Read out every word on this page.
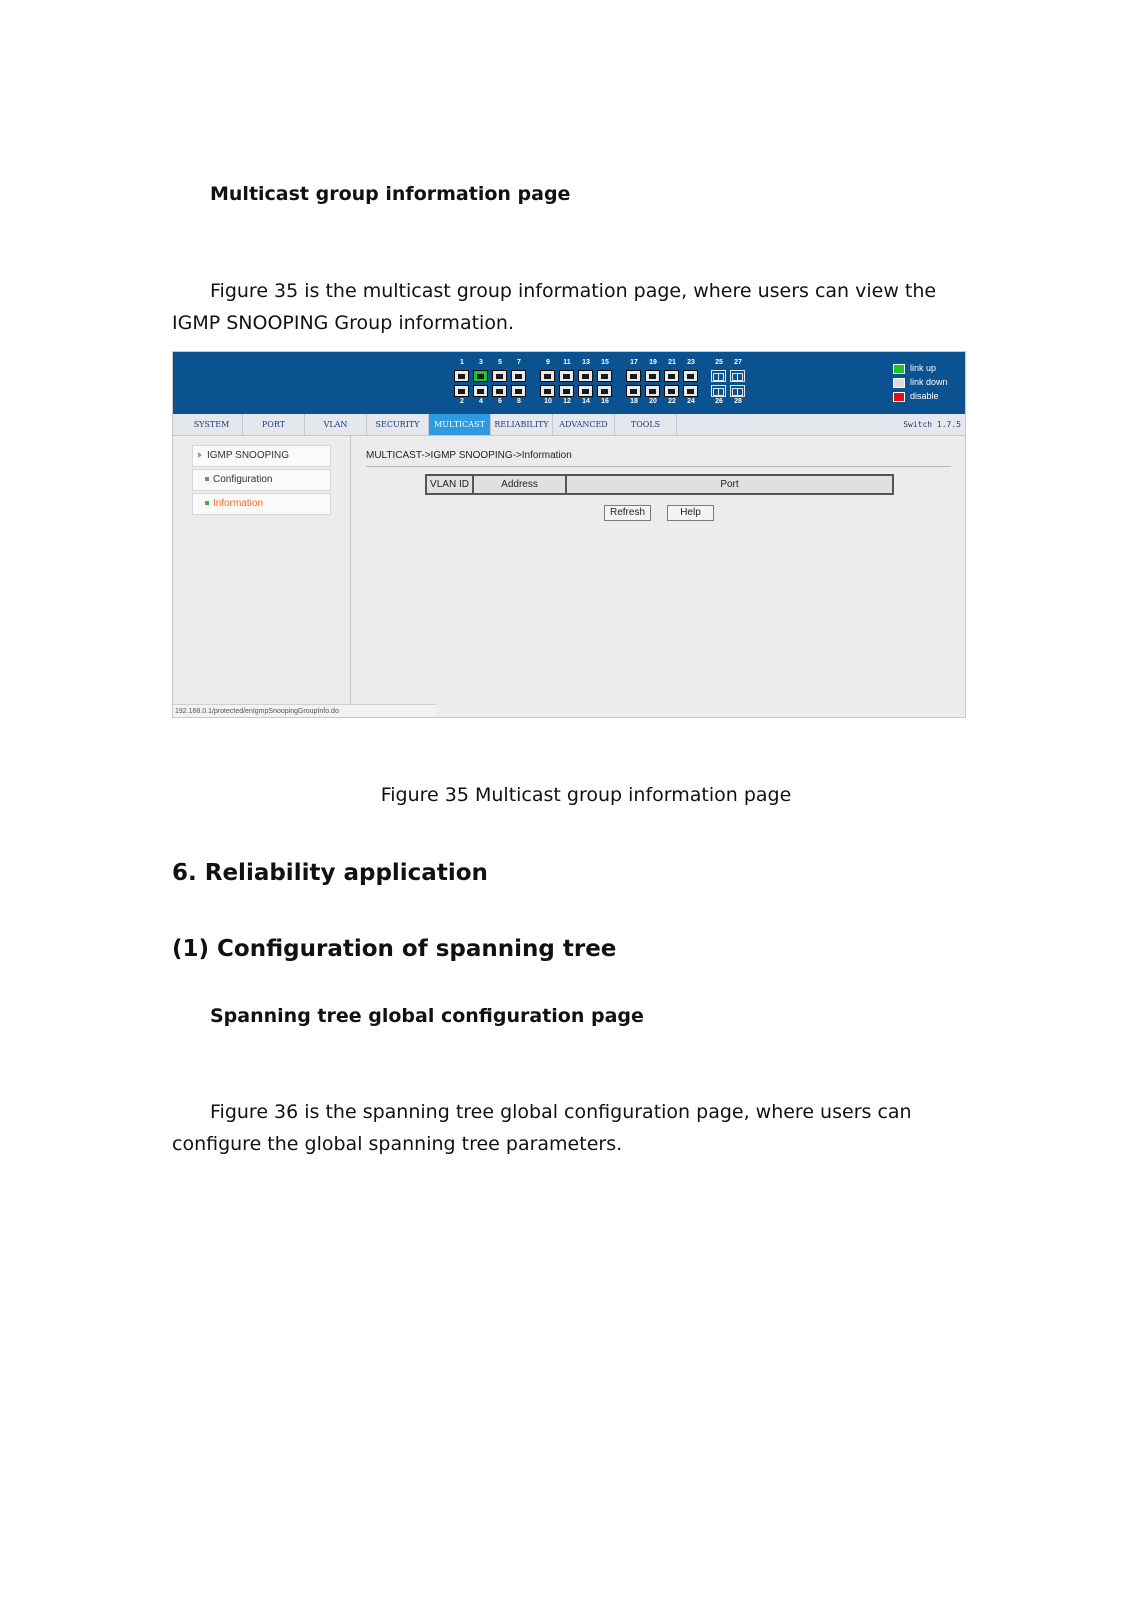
Multicast group information page
Figure 35 is the multicast group information page, where users can view the IGMP SNOOPING Group information.
1
2
3
4
5
6
7
8
9
10
11
12
13
14
15
16
17
18
19
20
21
22
23
24
25
26
27
28
link up
link down
disable
SYSTEM	PORT	VLAN	SECURITY	MULTICAST	RELIABILITY	ADVANCED	TOOLS	Switch 1.7.5
IGMP SNOOPING
Configuration
Information
MULTICAST->IGMP SNOOPING->Information
VLAN ID	Address	Port
Refresh	Help
192.168.0.1/protected/enIgmpSnoopingGroupInfo.do
Figure 35 Multicast group information page
6. Reliability application
(1) Configuration of spanning tree
Spanning tree global configuration page
Figure 36 is the spanning tree global configuration page, where users can configure the global spanning tree parameters.
